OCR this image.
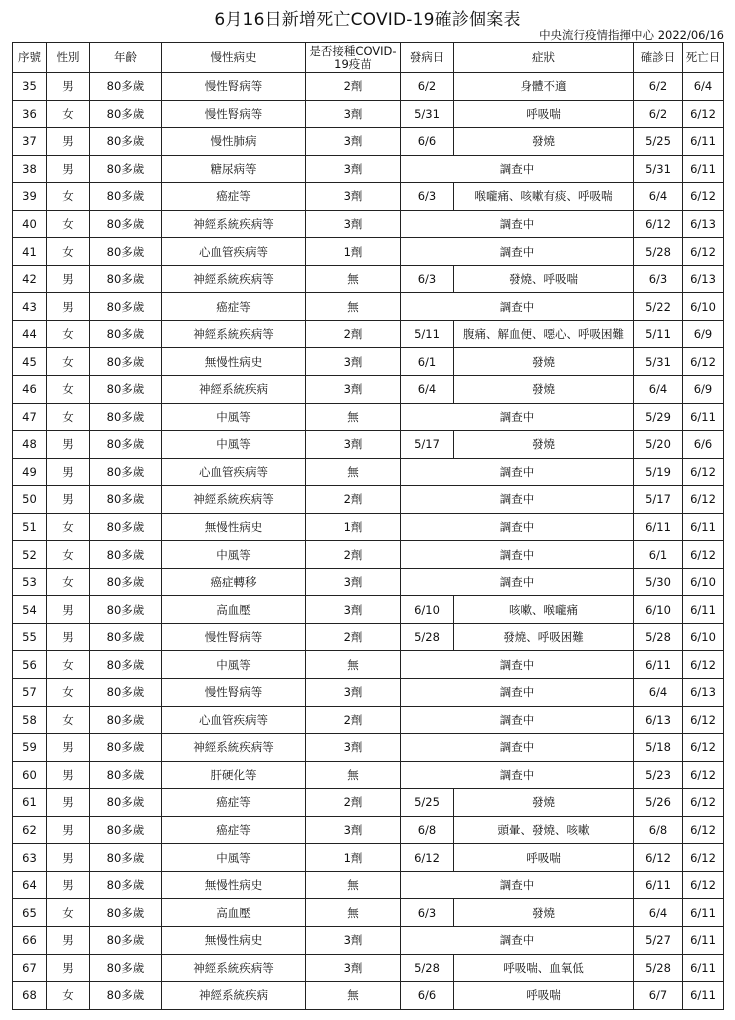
6月16日新增死亡COVID-19確診個案表
中央流行疫情指揮中心 2022/06/16
序號	性別	年齡	慢性病史	是否接種COVID-19疫苗	發病日	症狀	確診日	死亡日
35	男	80多歲	慢性腎病等	2劑	6/2	身體不適	6/2	6/4
36	女	80多歲	慢性腎病等	3劑	5/31	呼吸喘	6/2	6/12
37	男	80多歲	慢性肺病	3劑	6/6	發燒	5/25	6/11
38	男	80多歲	糖尿病等	3劑	調查中		5/31	6/11
39	女	80多歲	癌症等	3劑	6/3	喉嚨痛、咳嗽有痰、呼吸喘	6/4	6/12
40	女	80多歲	神經系統疾病等	3劑	調查中		6/12	6/13
41	女	80多歲	心血管疾病等	1劑	調查中		5/28	6/12
42	男	80多歲	神經系統疾病等	無	6/3	發燒、呼吸喘	6/3	6/13
43	男	80多歲	癌症等	無	調查中		5/22	6/10
44	女	80多歲	神經系統疾病等	2劑	5/11	腹痛、解血便、噁心、呼吸困難	5/11	6/9
45	女	80多歲	無慢性病史	3劑	6/1	發燒	5/31	6/12
46	女	80多歲	神經系統疾病	3劑	6/4	發燒	6/4	6/9
47	女	80多歲	中風等	無	調查中		5/29	6/11
48	男	80多歲	中風等	3劑	5/17	發燒	5/20	6/6
49	男	80多歲	心血管疾病等	無	調查中		5/19	6/12
50	男	80多歲	神經系統疾病等	2劑	調查中		5/17	6/12
51	女	80多歲	無慢性病史	1劑	調查中		6/11	6/11
52	女	80多歲	中風等	2劑	調查中		6/1	6/12
53	女	80多歲	癌症轉移	3劑	調查中		5/30	6/10
54	男	80多歲	高血壓	3劑	6/10	咳嗽、喉嚨痛	6/10	6/11
55	男	80多歲	慢性腎病等	2劑	5/28	發燒、呼吸困難	5/28	6/10
56	女	80多歲	中風等	無	調查中		6/11	6/12
57	女	80多歲	慢性腎病等	3劑	調查中		6/4	6/13
58	女	80多歲	心血管疾病等	2劑	調查中		6/13	6/12
59	男	80多歲	神經系統疾病等	3劑	調查中		5/18	6/12
60	男	80多歲	肝硬化等	無	調查中		5/23	6/12
61	男	80多歲	癌症等	2劑	5/25	發燒	5/26	6/12
62	男	80多歲	癌症等	3劑	6/8	頭暈、發燒、咳嗽	6/8	6/12
63	男	80多歲	中風等	1劑	6/12	呼吸喘	6/12	6/12
64	男	80多歲	無慢性病史	無	調查中		6/11	6/12
65	女	80多歲	高血壓	無	6/3	發燒	6/4	6/11
66	男	80多歲	無慢性病史	3劑	調查中		5/27	6/11
67	男	80多歲	神經系統疾病等	3劑	5/28	呼吸喘、血氧低	5/28	6/11
68	女	80多歲	神經系統疾病	無	6/6	呼吸喘	6/7	6/11
